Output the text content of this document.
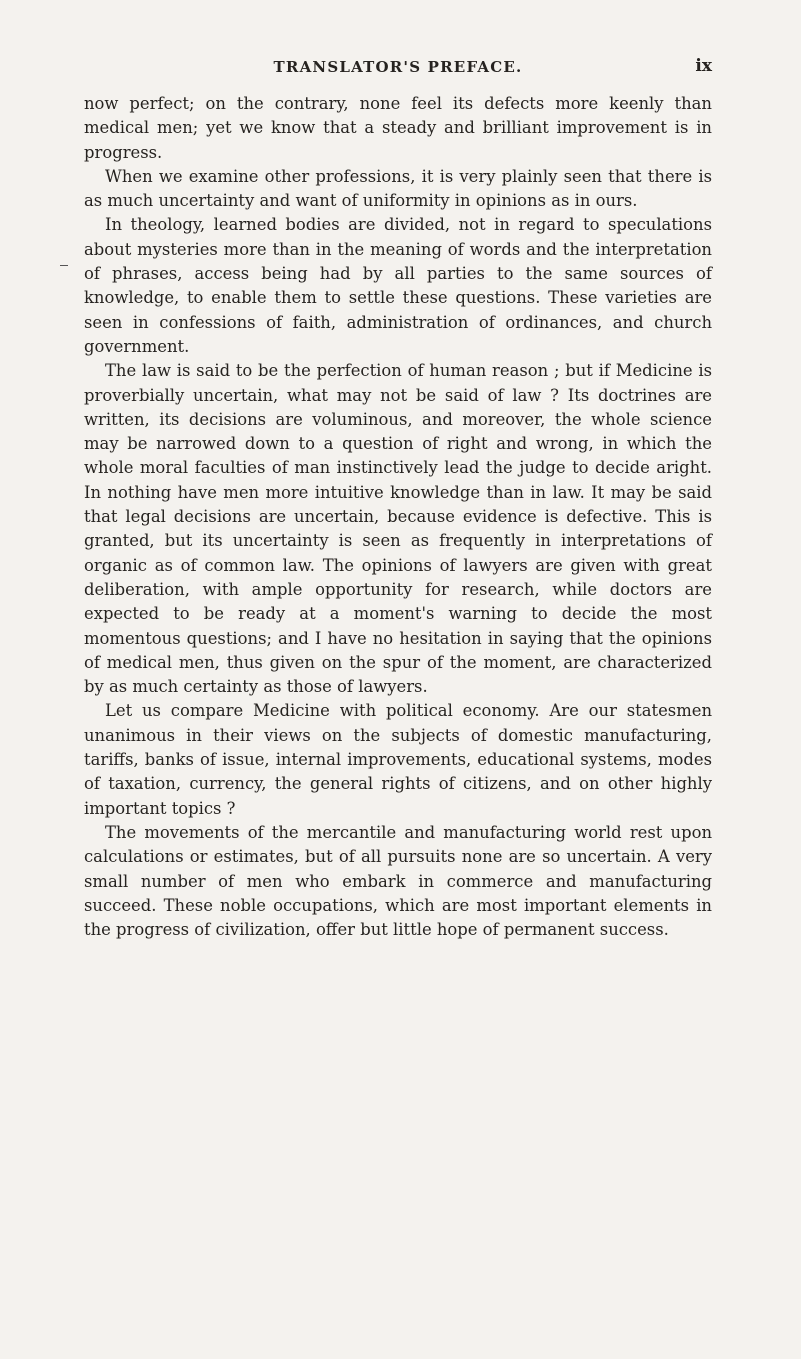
TRANSLATOR'S PREFACE.	ix

now perfect; on the contrary, none feel its defects more keenly than medical men; yet we know that a steady and brilliant improvement is in progress.

When we examine other professions, it is very plainly seen that there is as much uncertainty and want of uniformity in opinions as in ours.

In theology, learned bodies are divided, not in regard to speculations about mysteries more than in the meaning of words and the interpretation of phrases, access being had by all parties to the same sources of knowledge, to enable them to settle these questions. These varieties are seen in confessions of faith, administration of ordinances, and church government.

The law is said to be the perfection of human reason ; but if Medicine is proverbially uncertain, what may not be said of law ? Its doctrines are written, its decisions are voluminous, and moreover, the whole science may be narrowed down to a question of right and wrong, in which the whole moral faculties of man instinctively lead the judge to decide aright. In nothing have men more intuitive knowledge than in law. It may be said that legal decisions are uncertain, because evidence is defective. This is granted, but its uncertainty is seen as frequently in interpretations of organic as of common law. The opinions of lawyers are given with great deliberation, with ample opportunity for research, while doctors are expected to be ready at a moment's warning to decide the most momentous questions; and I have no hesitation in saying that the opinions of medical men, thus given on the spur of the moment, are characterized by as much certainty as those of lawyers.

Let us compare Medicine with political economy. Are our statesmen unanimous in their views on the subjects of domestic manufacturing, tariffs, banks of issue, internal improvements, educational systems, modes of taxation, currency, the general rights of citizens, and on other highly important topics ?

The movements of the mercantile and manufacturing world rest upon calculations or estimates, but of all pursuits none are so uncertain. A very small number of men who embark in commerce and manufacturing succeed. These noble occupations, which are most important elements in the progress of civilization, offer but little hope of permanent success.
